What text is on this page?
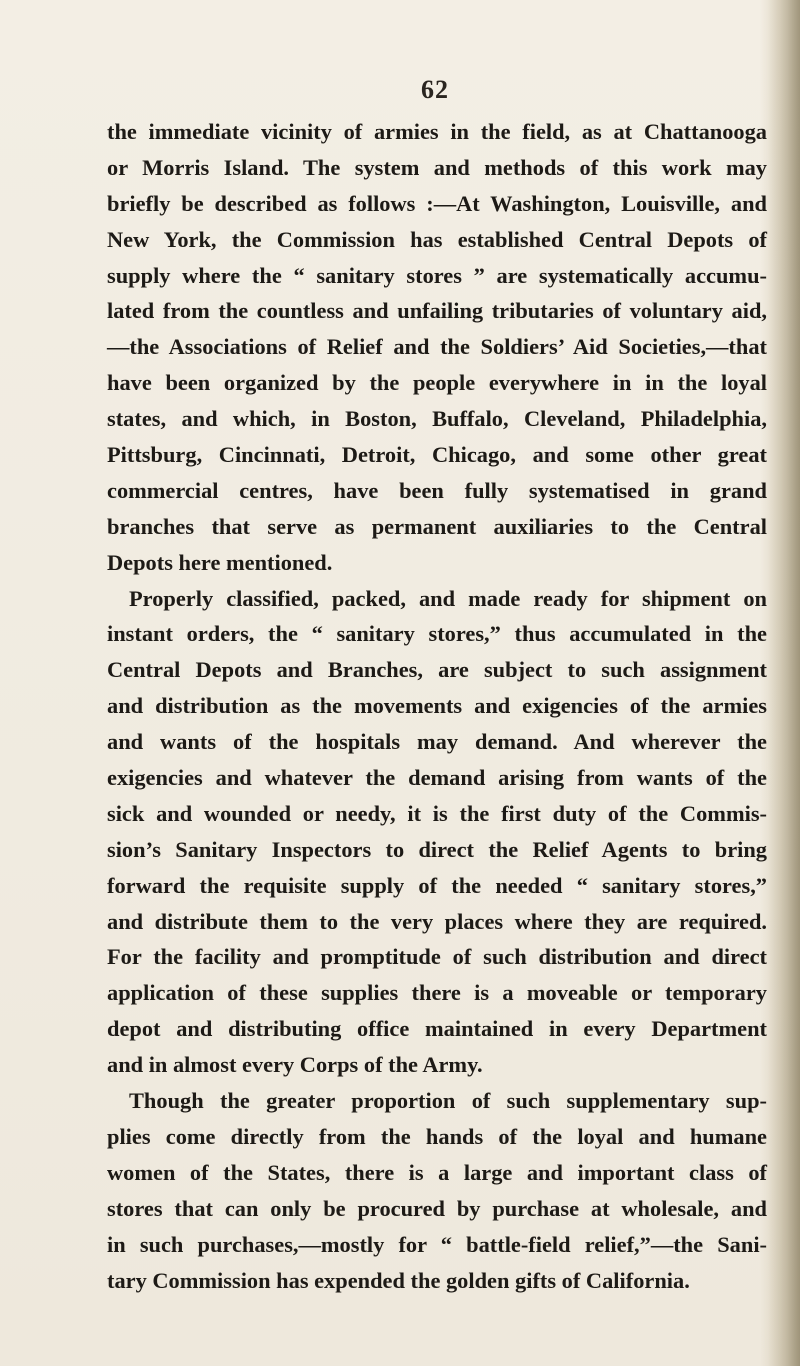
62
the immediate vicinity of armies in the field, as at Chattanooga
or Morris Island. The system and methods of this work may
briefly be described as follows :—At Washington, Louisville, and
New York, the Commission has established Central Depots of
supply where the “ sanitary stores ” are systematically accumu-
lated from the countless and unfailing tributaries of voluntary aid,
—the Associations of Relief and the Soldiers’ Aid Societies,—that
have been organized by the people everywhere in in the loyal
states, and which, in Boston, Buffalo, Cleveland, Philadelphia,
Pittsburg, Cincinnati, Detroit, Chicago, and some other great
commercial centres, have been fully systematised in grand
branches that serve as permanent auxiliaries to the Central
Depots here mentioned.
Properly classified, packed, and made ready for shipment on
instant orders, the “ sanitary stores,” thus accumulated in the
Central Depots and Branches, are subject to such assignment
and distribution as the movements and exigencies of the armies
and wants of the hospitals may demand. And wherever the
exigencies and whatever the demand arising from wants of the
sick and wounded or needy, it is the first duty of the Commis-
sion’s Sanitary Inspectors to direct the Relief Agents to bring
forward the requisite supply of the needed “ sanitary stores,”
and distribute them to the very places where they are required.
For the facility and promptitude of such distribution and direct
application of these supplies there is a moveable or temporary
depot and distributing office maintained in every Department
and in almost every Corps of the Army.
Though the greater proportion of such supplementary sup-
plies come directly from the hands of the loyal and humane
women of the States, there is a large and important class of
stores that can only be procured by purchase at wholesale, and
in such purchases,—mostly for “ battle-field relief,”—the Sani-
tary Commission has expended the golden gifts of California.
